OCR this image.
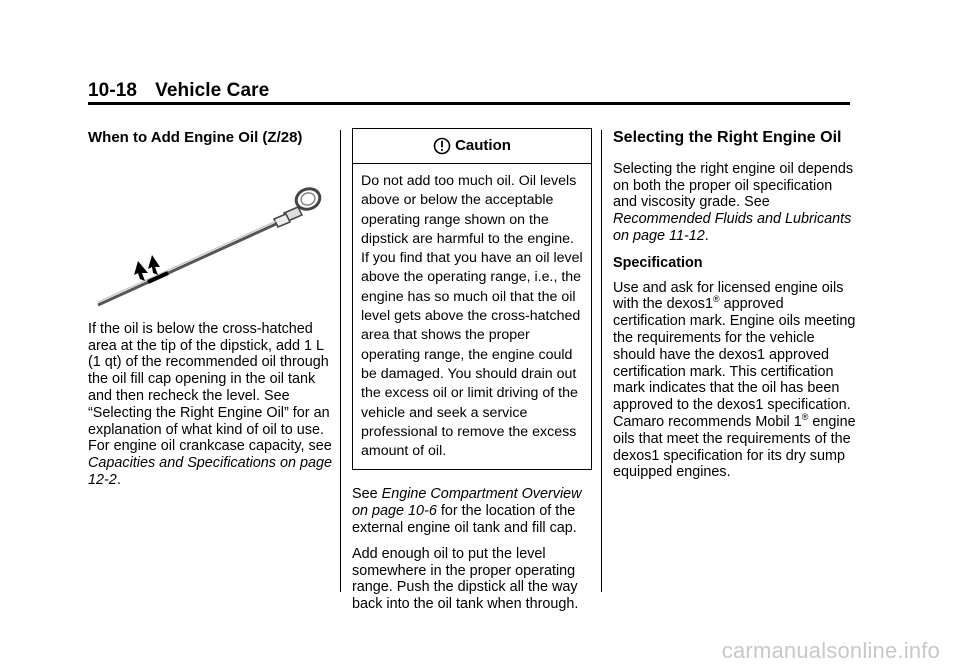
10-18 Vehicle Care
When to Add Engine Oil (Z/28)

If the oil is below the cross-hatched area at the tip of the dipstick, add 1 L (1 qt) of the recommended oil through the oil fill cap opening in the oil tank and then recheck the level. See “Selecting the Right Engine Oil” for an explanation of what kind of oil to use. For engine oil crankcase capacity, see Capacities and Specifications on page 12-2.

Caution
Do not add too much oil. Oil levels above or below the acceptable operating range shown on the dipstick are harmful to the engine. If you find that you have an oil level above the operating range, i.e., the engine has so much oil that the oil level gets above the cross-hatched area that shows the proper operating range, the engine could be damaged. You should drain out the excess oil or limit driving of the vehicle and seek a service professional to remove the excess amount of oil.

See Engine Compartment Overview on page 10-6 for the location of the external engine oil tank and fill cap.

Add enough oil to put the level somewhere in the proper operating range. Push the dipstick all the way back into the oil tank when through.

Selecting the Right Engine Oil

Selecting the right engine oil depends on both the proper oil specification and viscosity grade. See Recommended Fluids and Lubricants on page 11-12.

Specification

Use and ask for licensed engine oils with the dexos1® approved certification mark. Engine oils meeting the requirements for the vehicle should have the dexos1 approved certification mark. This certification mark indicates that the oil has been approved to the dexos1 specification. Camaro recommends Mobil 1® engine oils that meet the requirements of the dexos1 specification for its dry sump equipped engines.

carmanualsonline.info
